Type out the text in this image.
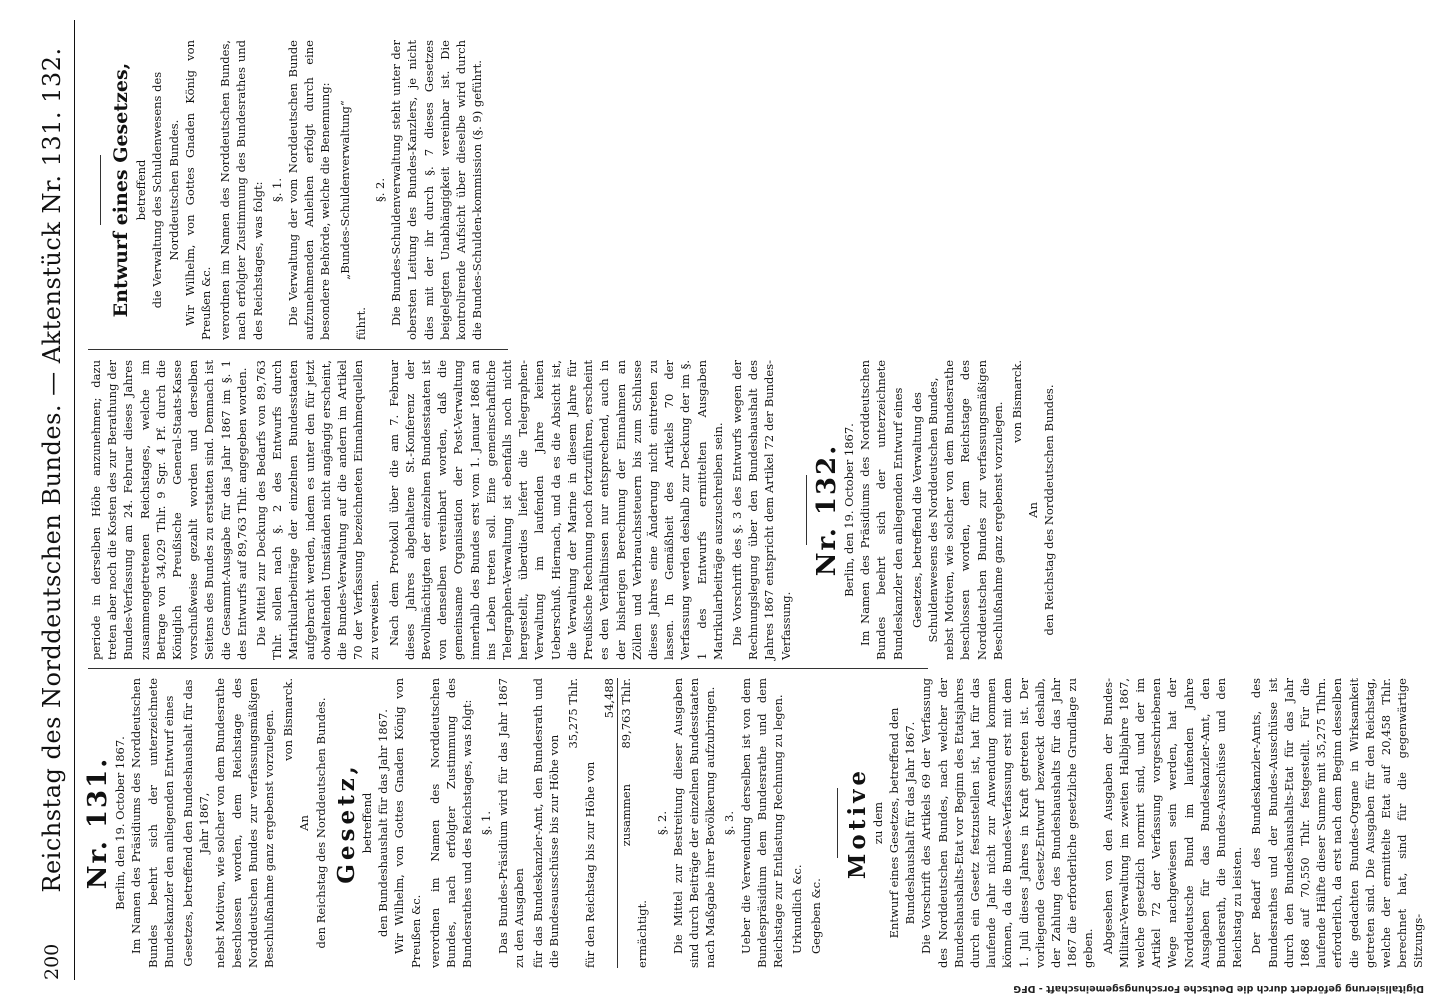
200
Reichstag des Norddeutschen Bundes. — Aktenstück Nr. 131. 132. Nr. 131. Berlin, den 19. October 1867. Im Namen des Präsidiums des Norddeutschen Bundes beehrt sich der unterzeichnete Bundeskanzler den anliegenden Entwurf eines Gesetzes, betreffend den Bundeshaushalt für das Jahr 1867, nebst Motiven, wie solcher von dem Bundesrathe beschlossen worden, dem Reichstage des Norddeutschen Bundes zur verfassungsmäßigen Beschlußnahme ganz ergebenst vorzulegen. von Bismarck.
An den Reichstag des Norddeutschen Bundes. Gesetz, betreffend den Bundeshaushalt für das Jahr 1867. Wir Wilhelm, von Gottes Gnaden König von Preußen &c. verordnen im Namen des Norddeutschen Bundes, nach erfolgter Zustimmung des Bundesrathes und des Reichstages, was folgt: §. 1. Das Bundes-Präsidium wird für das Jahr 1867 zu den Ausgaben für das Bundeskanzler-Amt, den Bundesrath und die Bundesausschüsse bis zur Höhe von

35,275 Thlr.

für den Reichstag bis zur Höhe von

54,488
zusammen
89,763 Thlr.

ermächtigt.

§. 2. Die Mittel zur Bestreitung dieser Ausgaben sind durch Beiträge der einzelnen Bundesstaaten nach Maßgabe ihrer Bevölkerung aufzubringen. §. 3. Ueber die Verwendung derselben ist von dem Bundespräsidium dem Bundesrathe und dem Reichstage zur Entlastung Rechnung zu legen. Urkundlich &c. Gegeben &c.

Motive zu dem Entwurf eines Gesetzes, betreffend den Bundeshaushalt für das Jahr 1867. Die Vorschrift des Artikels 69 der Verfassung des Norddeutschen Bundes, nach welcher der Bundeshaushalts-Etat vor Beginn des Etatsjahres durch ein Gesetz festzustellen ist, hat für das laufende Jahr nicht zur Anwendung kommen können, da die Bundes-Verfassung erst mit dem 1. Juli dieses Jahres in Kraft getreten ist. Der vorliegende Gesetz-Entwurf bezweckt deshalb, der Zahlung des Bundeshaushalts für das Jahr 1867 die erforderliche gesetzliche Grundlage zu geben. Abgesehen von den Ausgaben der Bundes-Militair-Verwaltung im zweiten Halbjahre 1867, welche gesetzlich normirt sind, und der im Artikel 72 der Verfassung vorgeschriebenen Wege nachgewiesen sein werden, hat der Norddeutsche Bund im laufenden Jahre Ausgaben für das Bundeskanzler-Amt, den Bundesrath, die Bundes-Ausschüsse und den Reichstag zu leisten. Der Bedarf des Bundeskanzler-Amts, des Bundesrathes und der Bundes-Ausschüsse ist durch den Bundeshaushalts-Etat für das Jahr 1868 auf 70,550 Thlr. festgestellt. Für die laufende Hälfte dieser Summe mit 35,275 Thlrn. erforderlich, da erst nach dem Beginn desselben die gedachten Bundes-Organe in Wirksamkeit getreten sind. Die Ausgaben für den Reichstag, welche der ermittelte Etat auf 20,458 Thlr. berechnet hat, sind für die gegenwärtige Sitzungs-

periode in derselben Höhe anzunehmen; dazu treten aber noch die Kosten des zur Berathung der Bundes-Verfassung am 24. Februar dieses Jahres zusammengetretenen Reichstages, welche im Betrage von 34,029 Thlr. 9 Sgr. 4 Pf. durch die Königlich Preußische General-Staats-Kasse vorschußweise gezahlt worden und derselben Seitens des Bundes zu erstatten sind. Demnach ist die Gesammt-Ausgabe für das Jahr 1867 im §. 1 des Entwurfs auf 89,763 Thlr. angegeben worden. Die Mittel zur Deckung des Bedarfs von 89,763 Thlr. sollen nach §. 2 des Entwurfs durch Matrikularbeiträge der einzelnen Bundesstaaten aufgebracht werden, indem es unter den für jetzt obwaltenden Umständen nicht angängig erscheint, die Bundes-Verwaltung auf die andern im Artikel 70 der Verfassung bezeichneten Einnahmequellen zu verweisen. Nach dem Protokoll über die am 7. Februar dieses Jahres abgehaltene St.-Konferenz der Bevollmächtigten der einzelnen Bundesstaaten ist von denselben vereinbart worden, daß die gemeinsame Organisation der Post-Verwaltung innerhalb des Bundes erst vom 1. Januar 1868 an ins Leben treten soll. Eine gemeinschaftliche Telegraphen-Verwaltung ist ebenfalls noch nicht hergestellt, überdies liefert die Telegraphen-Verwaltung im laufenden Jahre keinen Ueberschuß. Hiernach, und da es die Absicht ist, die Verwaltung der Marine in diesem Jahre für Preußische Rechnung noch fortzuführen, erscheint es den Verhältnissen nur entsprechend, auch in der bisherigen Berechnung der Einnahmen an Zöllen und Verbrauchssteuern bis zum Schlusse dieses Jahres eine Änderung nicht eintreten zu lassen. In Gemäßheit des Artikels 70 der Verfassung werden deshalb zur Deckung der im §. 1 des Entwurfs ermittelten Ausgaben Matrikularbeiträge auszuschreiben sein. Die Vorschrift des §. 3 des Entwurfs wegen der Rechnungslegung über den Bundeshaushalt des Jahres 1867 entspricht dem Artikel 72 der Bundes-Verfassung.

Nr. 132. Berlin, den 19. October 1867. Im Namen des Präsidiums des Norddeutschen Bundes beehrt sich der unterzeichnete Bundeskanzler den anliegenden Entwurf eines Gesetzes, betreffend die Verwaltung des Schuldenwesens des Norddeutschen Bundes, nebst Motiven, wie solcher von dem Bundesrathe beschlossen worden, dem Reichstage des Norddeutschen Bundes zur verfassungsmäßigen Beschlußnahme ganz ergebenst vorzulegen.

von Bismarck.
An den Reichstag des Norddeutschen Bundes.
Entwurf eines Gesetzes, betreffend die Verwaltung des Schuldenwesens des Norddeutschen Bundes. Wir Wilhelm, von Gottes Gnaden König von Preußen &c. verordnen im Namen des Norddeutschen Bundes, nach erfolgter Zustimmung des Bundesrathes und des Reichstages, was folgt: §. 1. Die Verwaltung der vom Norddeutschen Bunde aufzunehmenden Anleihen erfolgt durch eine besondere Behörde, welche die Benennung: „Bundes-Schuldenverwaltung“

führt.

§. 2. Die Bundes-Schuldenverwaltung steht unter der obersten Leitung des Bundes-Kanzlers, je nicht dies mit der ihr durch §. 7 dieses Gesetzes beigelegten Unabhängigkeit vereinbar ist. Die kontrolirende Aufsicht über dieselbe wird durch die Bundes-Schulden-kommission (§. 9) geführt.

Digitalisierung gefördert durch die Deutsche Forschungsgemeinschaft - DFG
